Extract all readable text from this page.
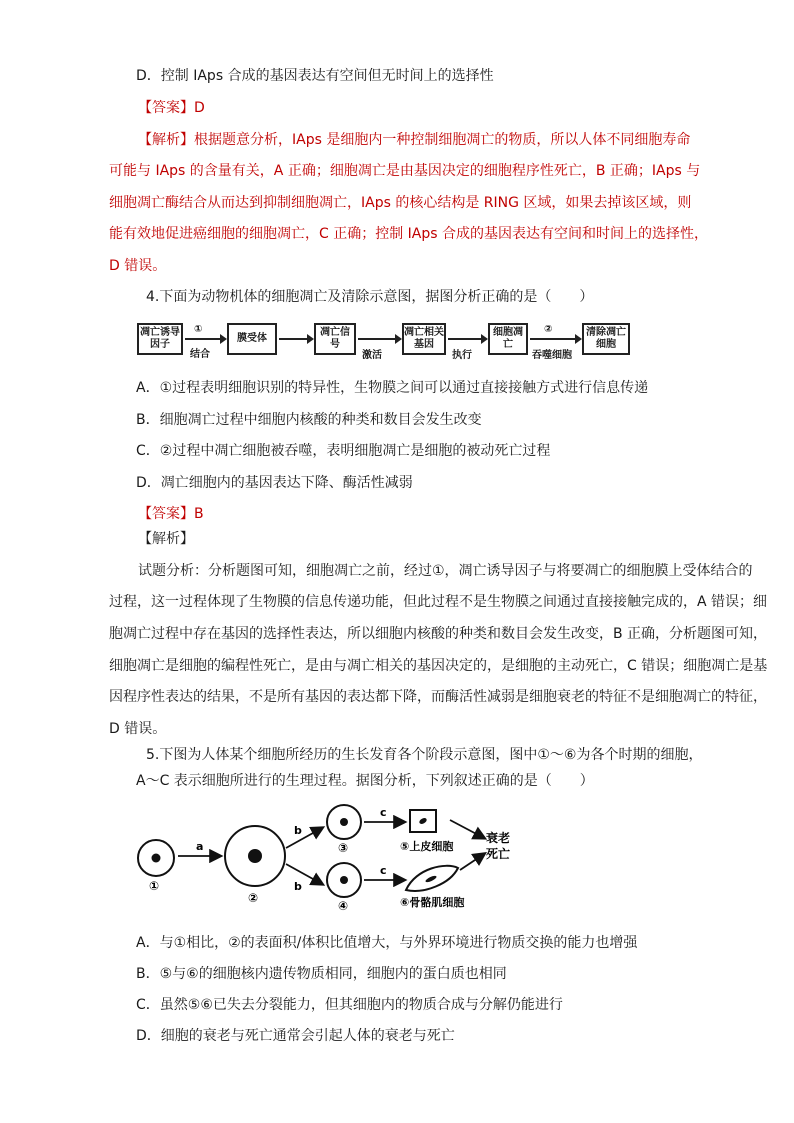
D．控制 IAps 合成的基因表达有空间但无时间上的选择性
【答案】D
【解析】根据题意分析，IAps 是细胞内一种控制细胞凋亡的物质，所以人体不同细胞寿命
可能与 IAps 的含量有关，A 正确；细胞凋亡是由基因决定的细胞程序性死亡，B 正确；IAps 与
细胞凋亡酶结合从而达到抑制细胞凋亡，IAps 的核心结构是 RING 区域，如果去掉该区域，则
能有效地促进癌细胞的细胞凋亡，C 正确；控制 IAps 合成的基因表达有空间和时间上的选择性，
D 错误。
4.下面为动物机体的细胞凋亡及清除示意图，据图分析正确的是（　　）
凋亡诱导因子
①
结合
膜受体
凋亡信号
激活
凋亡相关基因
执行
细胞凋亡
②
吞噬细胞
清除凋亡细胞
A．①过程表明细胞识别的特异性，生物膜之间可以通过直接接触方式进行信息传递
B．细胞凋亡过程中细胞内核酸的种类和数目会发生改变
C．②过程中凋亡细胞被吞噬，表明细胞凋亡是细胞的被动死亡过程
D．凋亡细胞内的基因表达下降、酶活性减弱
【答案】B
【解析】
试题分析：分析题图可知，细胞凋亡之前，经过①，凋亡诱导因子与将要凋亡的细胞膜上受体结合的
过程，这一过程体现了生物膜的信息传递功能，但此过程不是生物膜之间通过直接接触完成的，A 错误；细
胞凋亡过程中存在基因的选择性表达，所以细胞内核酸的种类和数目会发生改变，B 正确，分析题图可知，
细胞凋亡是细胞的编程性死亡，是由与凋亡相关的基因决定的，是细胞的主动死亡，C 错误；细胞凋亡是基
因程序性表达的结果，不是所有基因的表达都下降，而酶活性减弱是细胞衰老的特征不是细胞凋亡的特征，
D 错误。
5.下图为人体某个细胞所经历的生长发育各个阶段示意图，图中①～⑥为各个时期的细胞，
A～C 表示细胞所进行的生理过程。据图分析，下列叙述正确的是（　　）
①
a
②
b
b
③
④
c
c
⑤上皮细胞
⑥骨骼肌细胞
衰老
死亡
A．与①相比，②的表面积/体积比值增大，与外界环境进行物质交换的能力也增强
B．⑤与⑥的细胞核内遗传物质相同，细胞内的蛋白质也相同
C．虽然⑤⑥已失去分裂能力，但其细胞内的物质合成与分解仍能进行
D．细胞的衰老与死亡通常会引起人体的衰老与死亡
